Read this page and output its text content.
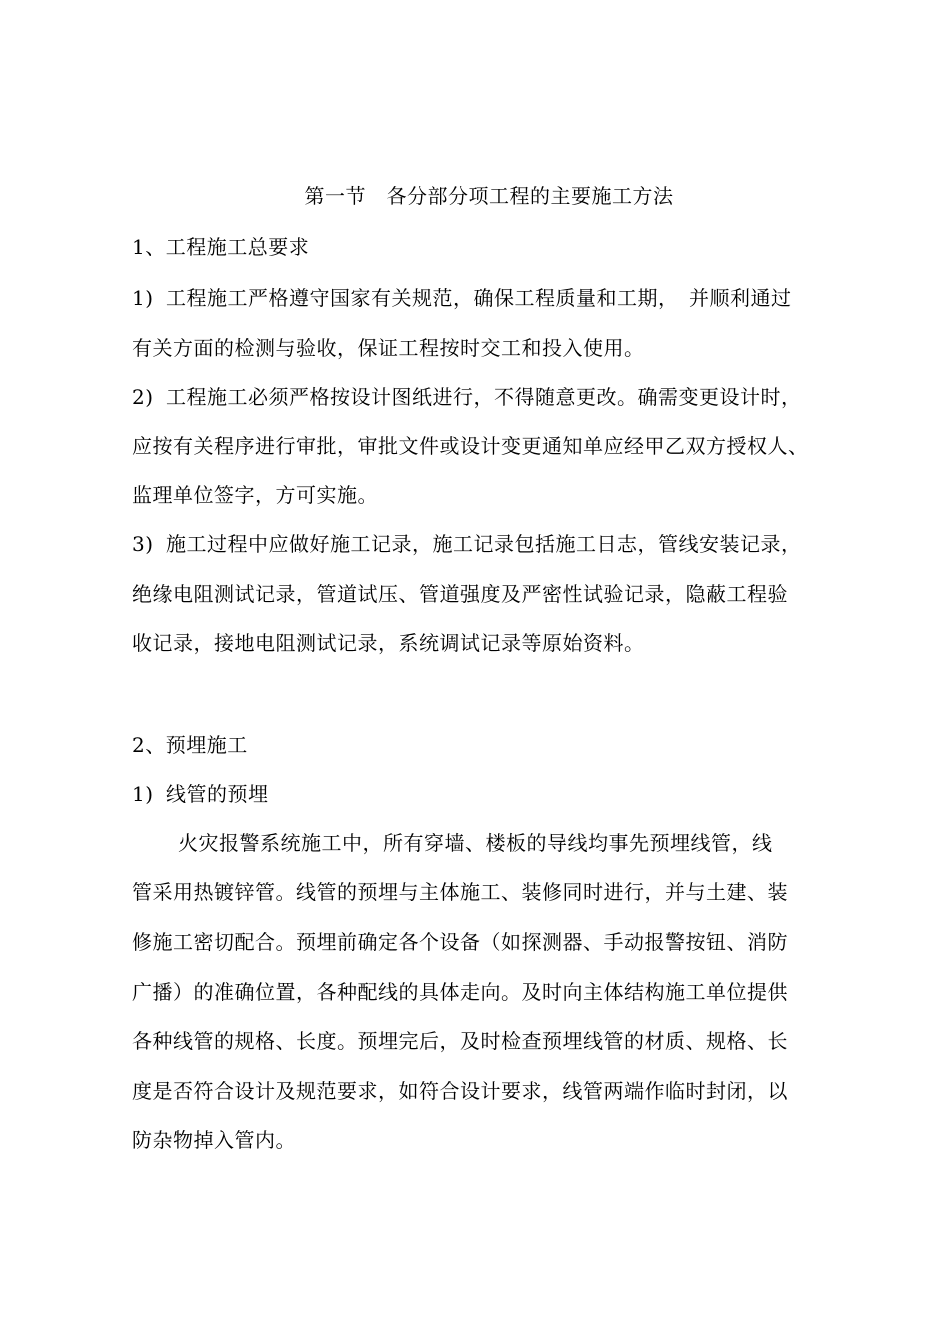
第一节　各分部分项工程的主要施工方法
1、工程施工总要求
1) 工程施工严格遵守国家有关规范，确保工程质量和工期，　并顺利通过
有关方面的检测与验收，保证工程按时交工和投入使用。
2) 工程施工必须严格按设计图纸进行，不得随意更改。确需变更设计时，
应按有关程序进行审批，审批文件或设计变更通知单应经甲乙双方授权人、
监理单位签字，方可实施。
3) 施工过程中应做好施工记录，施工记录包括施工日志，管线安装记录，
绝缘电阻测试记录，管道试压、管道强度及严密性试验记录，隐蔽工程验
收记录，接地电阻测试记录，系统调试记录等原始资料。
2、预埋施工
1) 线管的预埋
火灾报警系统施工中，所有穿墙、楼板的导线均事先预埋线管，线
管采用热镀锌管。线管的预埋与主体施工、装修同时进行，并与土建、装
修施工密切配合。预埋前确定各个设备（如探测器、手动报警按钮、消防
广播）的准确位置，各种配线的具体走向。及时向主体结构施工单位提供
各种线管的规格、长度。预埋完后，及时检查预埋线管的材质、规格、长
度是否符合设计及规范要求，如符合设计要求，线管两端作临时封闭，以
防杂物掉入管内。
